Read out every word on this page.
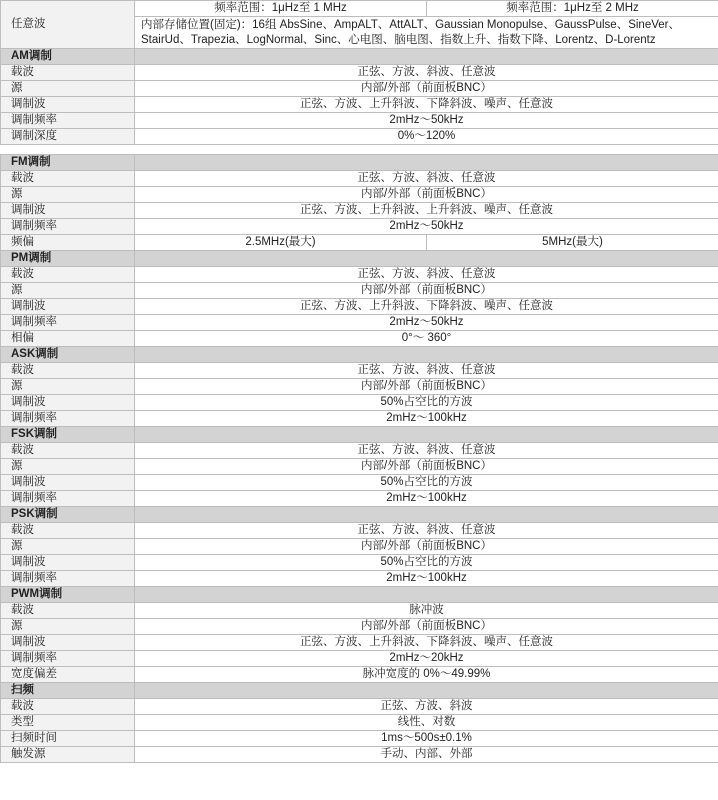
任意波	频率范围：1μHz至 1 MHz	频率范围：1μHz至 2 MHz
	内部存储位置(固定)：16组 AbsSine、AmpALT、AttALT、Gaussian Monopulse、GaussPulse、SineVer、
StairUd、Trapezia、LogNormal、Sinc、心电图、脑电图、指数上升、指数下降、Lorentz、D-Lorentz	
AM调制		
载波	正弦、方波、斜波、任意波	
源	内部/外部（前面板BNC）	
调制波	正弦、方波、上升斜波、下降斜波、噪声、任意波	
调制频率	2mHz～50kHz	
调制深度	0%～120%	

FM调制		
载波	正弦、方波、斜波、任意波	
源	内部/外部（前面板BNC）	
调制波	正弦、方波、上升斜波、上升斜波、噪声、任意波	
调制频率	2mHz～50kHz	
频偏	2.5MHz(最大)	5MHz(最大)
PM调制		
载波	正弦、方波、斜波、任意波	
源	内部/外部（前面板BNC）	
调制波	正弦、方波、上升斜波、下降斜波、噪声、任意波	
调制频率	2mHz～50kHz	
相偏	0°～ 360°	
ASK调制		
载波	正弦、方波、斜波、任意波	
源	内部/外部（前面板BNC）	
调制波	50%占空比的方波	
调制频率	2mHz～100kHz	
FSK调制		
载波	正弦、方波、斜波、任意波	
源	内部/外部（前面板BNC）	
调制波	50%占空比的方波	
调制频率	2mHz～100kHz	
PSK调制		
载波	正弦、方波、斜波、任意波	
源	内部/外部（前面板BNC）	
调制波	50%占空比的方波	
调制频率	2mHz～100kHz	
PWM调制		
载波	脉冲波	
源	内部/外部（前面板BNC）	
调制波	正弦、方波、上升斜波、下降斜波、噪声、任意波	
调制频率	2mHz～20kHz	
宽度偏差	脉冲宽度的 0%～49.99%	
扫频		
载波	正弦、方波、斜波	
类型	线性、对数	
扫频时间	1ms～500s±0.1%	
触发源	手动、内部、外部	
